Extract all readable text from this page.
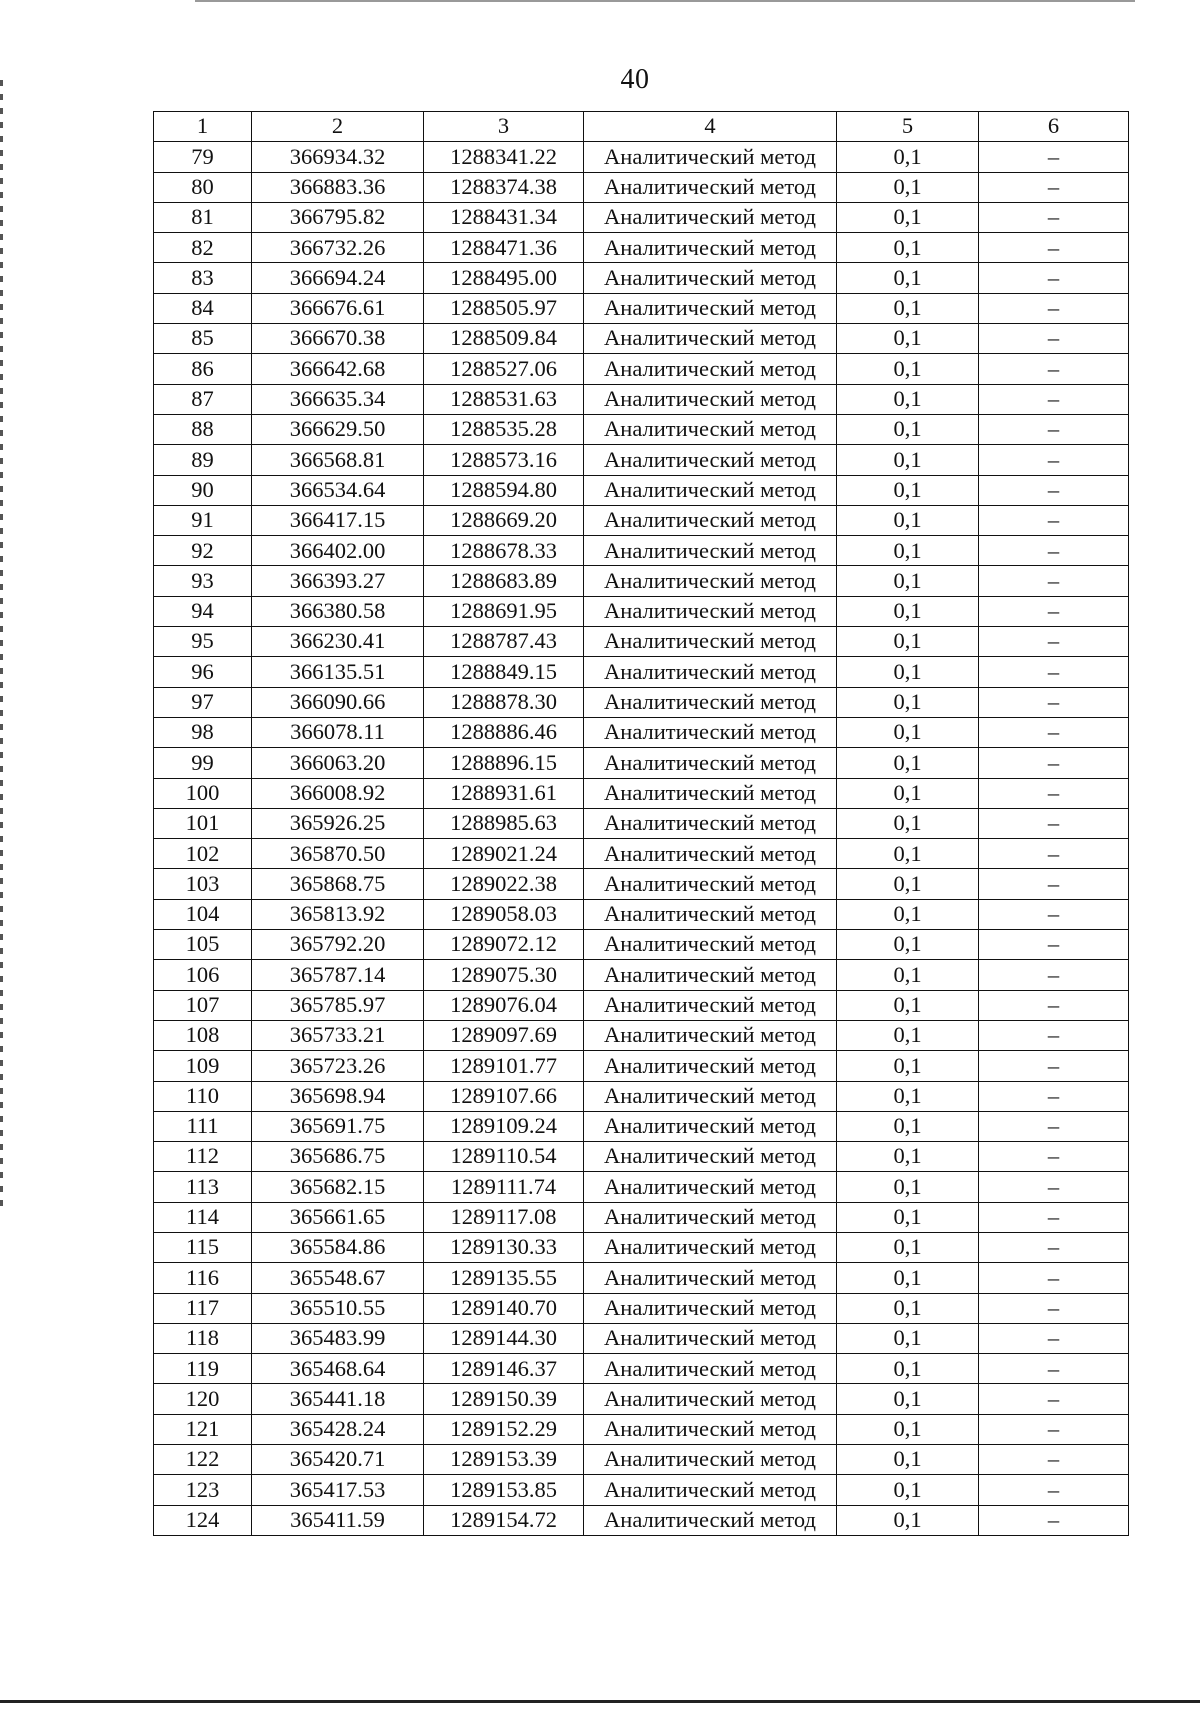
40
1	2	3	4	5	6
79	366934.32	1288341.22	Аналитический метод	0,1	–
80	366883.36	1288374.38	Аналитический метод	0,1	–
81	366795.82	1288431.34	Аналитический метод	0,1	–
82	366732.26	1288471.36	Аналитический метод	0,1	–
83	366694.24	1288495.00	Аналитический метод	0,1	–
84	366676.61	1288505.97	Аналитический метод	0,1	–
85	366670.38	1288509.84	Аналитический метод	0,1	–
86	366642.68	1288527.06	Аналитический метод	0,1	–
87	366635.34	1288531.63	Аналитический метод	0,1	–
88	366629.50	1288535.28	Аналитический метод	0,1	–
89	366568.81	1288573.16	Аналитический метод	0,1	–
90	366534.64	1288594.80	Аналитический метод	0,1	–
91	366417.15	1288669.20	Аналитический метод	0,1	–
92	366402.00	1288678.33	Аналитический метод	0,1	–
93	366393.27	1288683.89	Аналитический метод	0,1	–
94	366380.58	1288691.95	Аналитический метод	0,1	–
95	366230.41	1288787.43	Аналитический метод	0,1	–
96	366135.51	1288849.15	Аналитический метод	0,1	–
97	366090.66	1288878.30	Аналитический метод	0,1	–
98	366078.11	1288886.46	Аналитический метод	0,1	–
99	366063.20	1288896.15	Аналитический метод	0,1	–
100	366008.92	1288931.61	Аналитический метод	0,1	–
101	365926.25	1288985.63	Аналитический метод	0,1	–
102	365870.50	1289021.24	Аналитический метод	0,1	–
103	365868.75	1289022.38	Аналитический метод	0,1	–
104	365813.92	1289058.03	Аналитический метод	0,1	–
105	365792.20	1289072.12	Аналитический метод	0,1	–
106	365787.14	1289075.30	Аналитический метод	0,1	–
107	365785.97	1289076.04	Аналитический метод	0,1	–
108	365733.21	1289097.69	Аналитический метод	0,1	–
109	365723.26	1289101.77	Аналитический метод	0,1	–
110	365698.94	1289107.66	Аналитический метод	0,1	–
111	365691.75	1289109.24	Аналитический метод	0,1	–
112	365686.75	1289110.54	Аналитический метод	0,1	–
113	365682.15	1289111.74	Аналитический метод	0,1	–
114	365661.65	1289117.08	Аналитический метод	0,1	–
115	365584.86	1289130.33	Аналитический метод	0,1	–
116	365548.67	1289135.55	Аналитический метод	0,1	–
117	365510.55	1289140.70	Аналитический метод	0,1	–
118	365483.99	1289144.30	Аналитический метод	0,1	–
119	365468.64	1289146.37	Аналитический метод	0,1	–
120	365441.18	1289150.39	Аналитический метод	0,1	–
121	365428.24	1289152.29	Аналитический метод	0,1	–
122	365420.71	1289153.39	Аналитический метод	0,1	–
123	365417.53	1289153.85	Аналитический метод	0,1	–
124	365411.59	1289154.72	Аналитический метод	0,1	–
